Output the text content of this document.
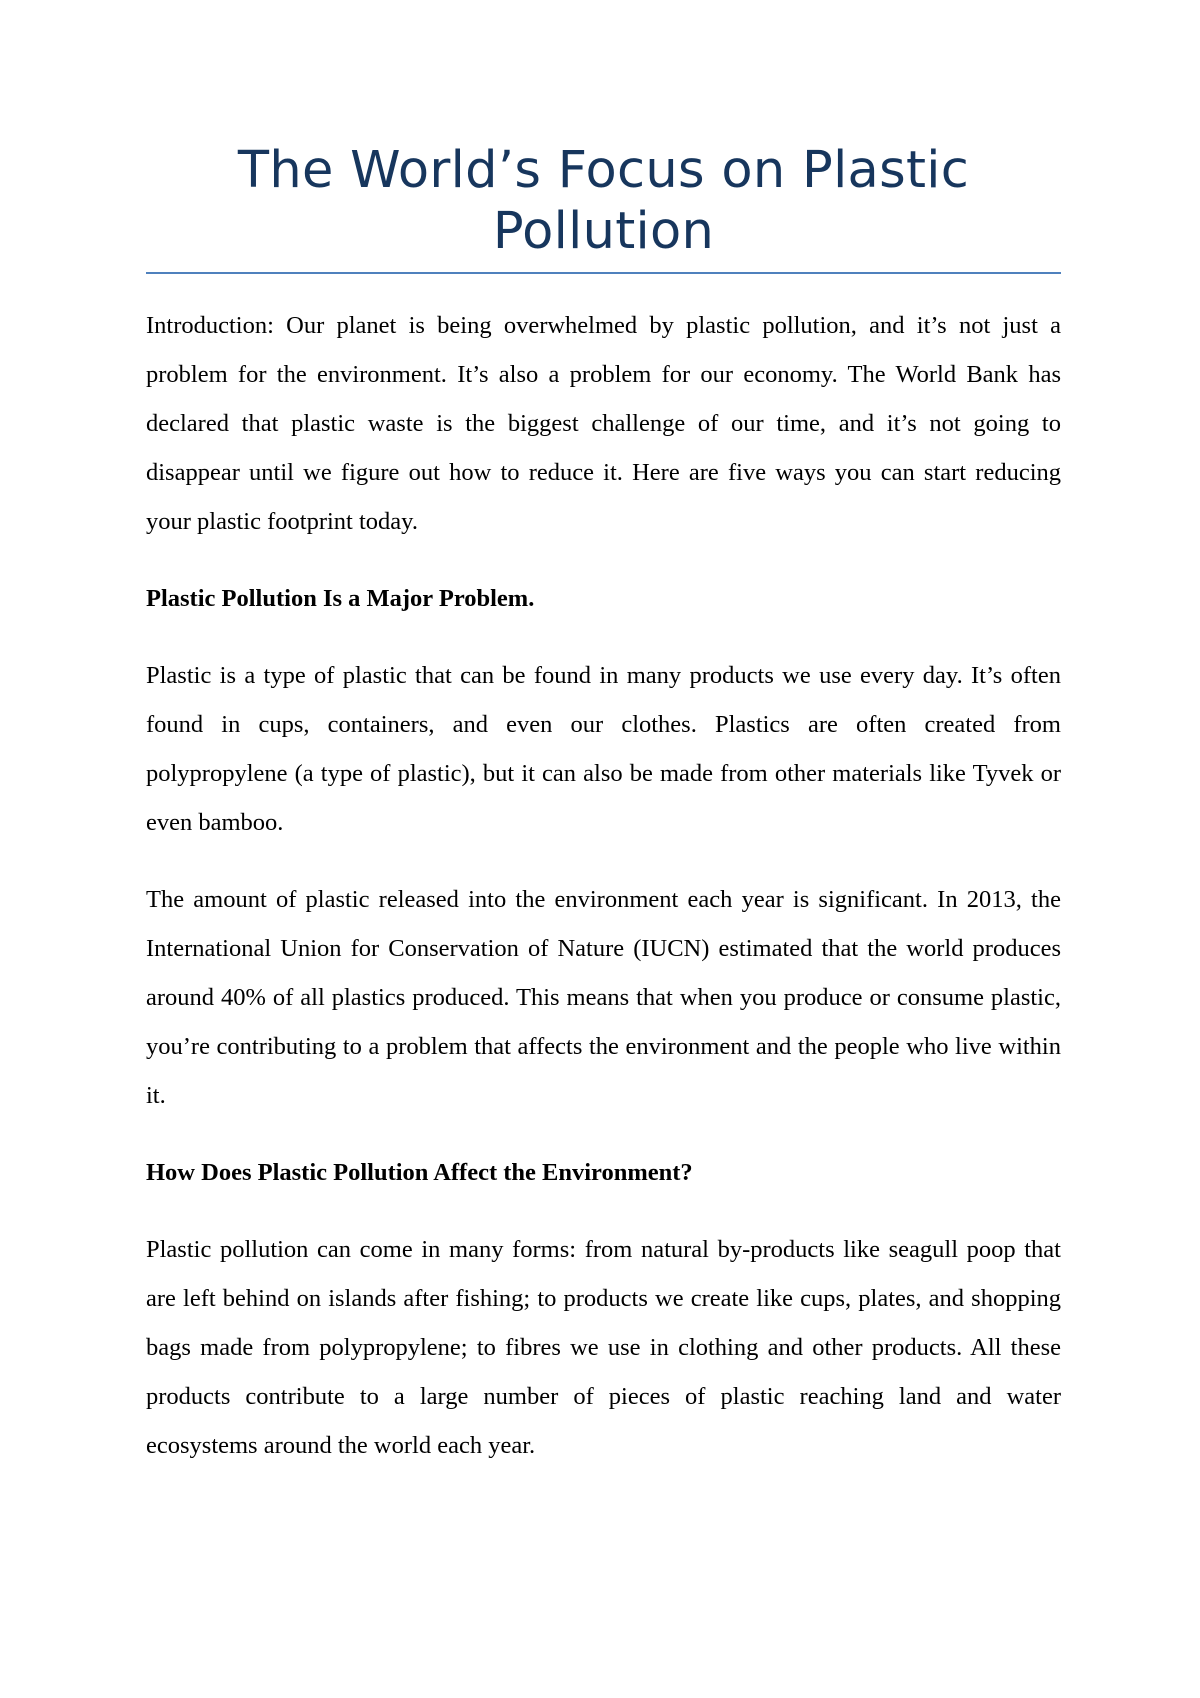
The World’s Focus on Plastic Pollution

Introduction: Our planet is being overwhelmed by plastic pollution, and it’s not just a problem for the environment. It’s also a problem for our economy. The World Bank has declared that plastic waste is the biggest challenge of our time, and it’s not going to disappear until we figure out how to reduce it. Here are five ways you can start reducing your plastic footprint today.

Plastic Pollution Is a Major Problem.

Plastic is a type of plastic that can be found in many products we use every day. It’s often found in cups, containers, and even our clothes. Plastics are often created from polypropylene (a type of plastic), but it can also be made from other materials like Tyvek or even bamboo.

The amount of plastic released into the environment each year is significant. In 2013, the International Union for Conservation of Nature (IUCN) estimated that the world produces around 40% of all plastics produced. This means that when you produce or consume plastic, you’re contributing to a problem that affects the environment and the people who live within it.

How Does Plastic Pollution Affect the Environment?

Plastic pollution can come in many forms: from natural by-products like seagull poop that are left behind on islands after fishing; to products we create like cups, plates, and shopping bags made from polypropylene; to fibres we use in clothing and other products. All these products contribute to a large number of pieces of plastic reaching land and water ecosystems around the world each year.
